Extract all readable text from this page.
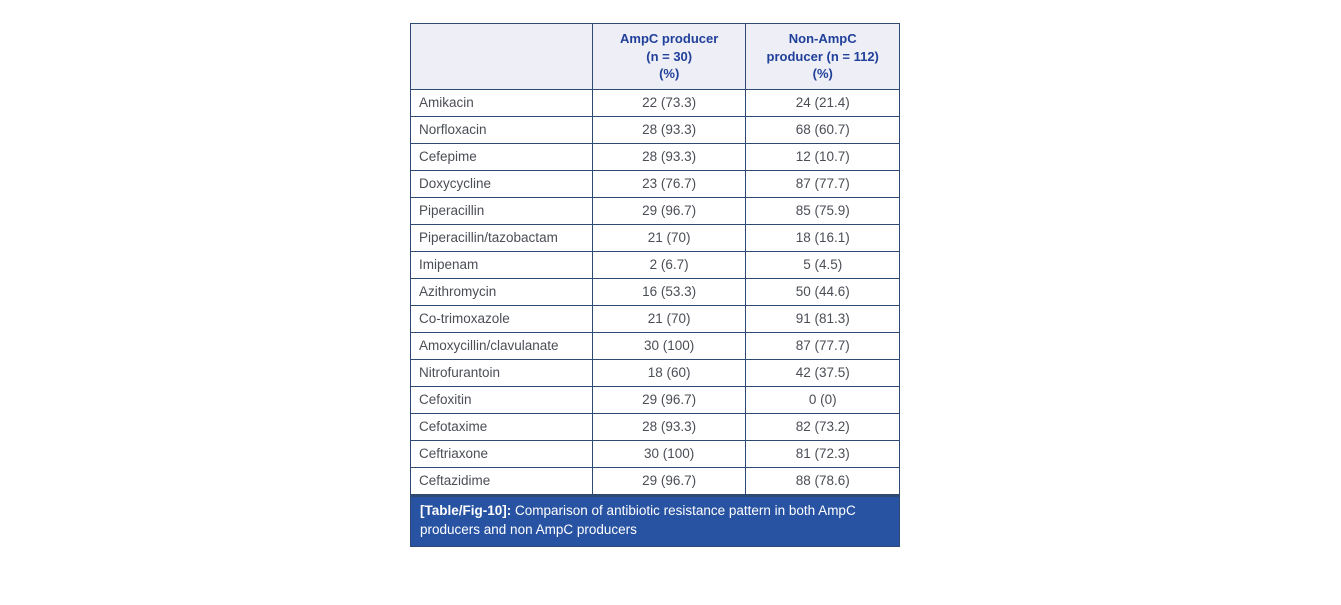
	AmpC producer
(n = 30)
(%)	Non-AmpC
producer (n = 112)
(%)

Amikacin	22 (73.3)	24 (21.4)
Norfloxacin	28 (93.3)	68 (60.7)
Cefepime	28 (93.3)	12 (10.7)
Doxycycline	23 (76.7)	87 (77.7)
Piperacillin	29 (96.7)	85 (75.9)
Piperacillin/tazobactam	21 (70)	18 (16.1)
Imipenam	2 (6.7)	5 (4.5)
Azithromycin	16 (53.3)	50 (44.6)
Co-trimoxazole	21 (70)	91 (81.3)
Amoxycillin/clavulanate	30 (100)	87 (77.7)
Nitrofurantoin	18 (60)	42 (37.5)
Cefoxitin	29 (96.7)	0 (0)
Cefotaxime	28 (93.3)	82 (73.2)
Ceftriaxone	30 (100)	81 (72.3)
Ceftazidime	29 (96.7)	88 (78.6)
[Table/Fig-10]: Comparison of antibiotic resistance pattern in both AmpC producers and non AmpC producers
